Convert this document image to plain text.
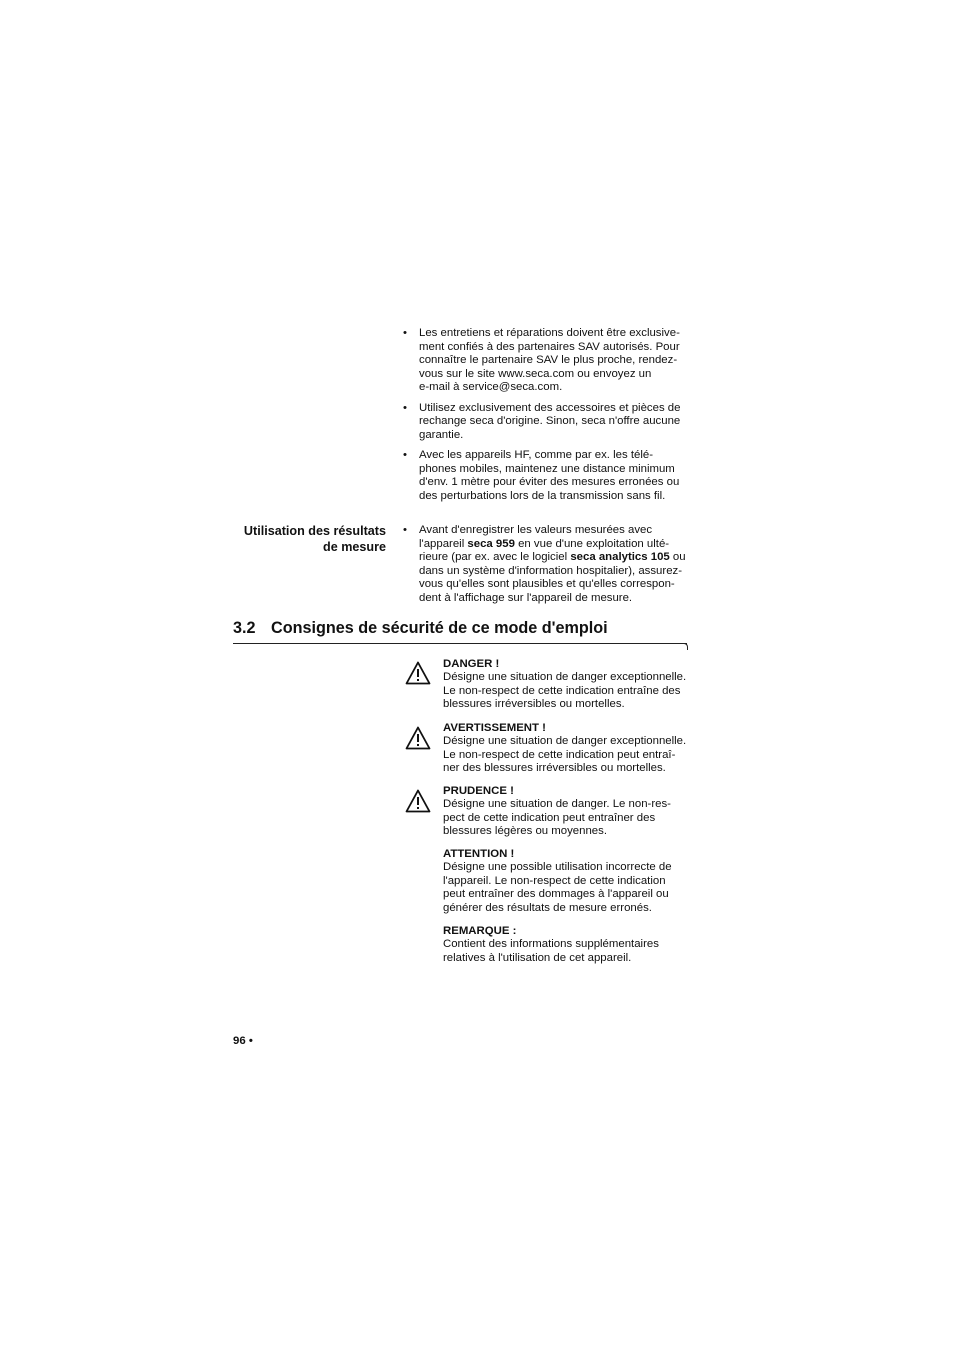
• Les entretiens et réparations doivent être exclusive-
ment confiés à des partenaires SAV autorisés. Pour
connaître le partenaire SAV le plus proche, rendez-
vous sur le site www.seca.com ou envoyez un
e-mail à service@seca.com.
• Utilisez exclusivement des accessoires et pièces de
rechange seca d'origine. Sinon, seca n'offre aucune
garantie.
• Avec les appareils HF, comme par ex. les télé-
phones mobiles, maintenez une distance minimum
d'env. 1 mètre pour éviter des mesures erronées ou
des perturbations lors de la transmission sans fil.
Utilisation des résultats
de mesure
• Avant d'enregistrer les valeurs mesurées avec
l'appareil seca 959 en vue d'une exploitation ulté-
rieure (par ex. avec le logiciel seca analytics 105 ou
dans un système d'information hospitalier), assurez-
vous qu'elles sont plausibles et qu'elles correspon-
dent à l'affichage sur l'appareil de mesure.
3.2 Consignes de sécurité de ce mode d'emploi
DANGER !
Désigne une situation de danger exceptionnelle.
Le non-respect de cette indication entraîne des
blessures irréversibles ou mortelles.
AVERTISSEMENT !
Désigne une situation de danger exceptionnelle.
Le non-respect de cette indication peut entraî-
ner des blessures irréversibles ou mortelles.
PRUDENCE !
Désigne une situation de danger. Le non-res-
pect de cette indication peut entraîner des
blessures légères ou moyennes.
ATTENTION !
Désigne une possible utilisation incorrecte de
l'appareil. Le non-respect de cette indication
peut entraîner des dommages à l'appareil ou
générer des résultats de mesure erronés.
REMARQUE :
Contient des informations supplémentaires
relatives à l'utilisation de cet appareil.
96 •
